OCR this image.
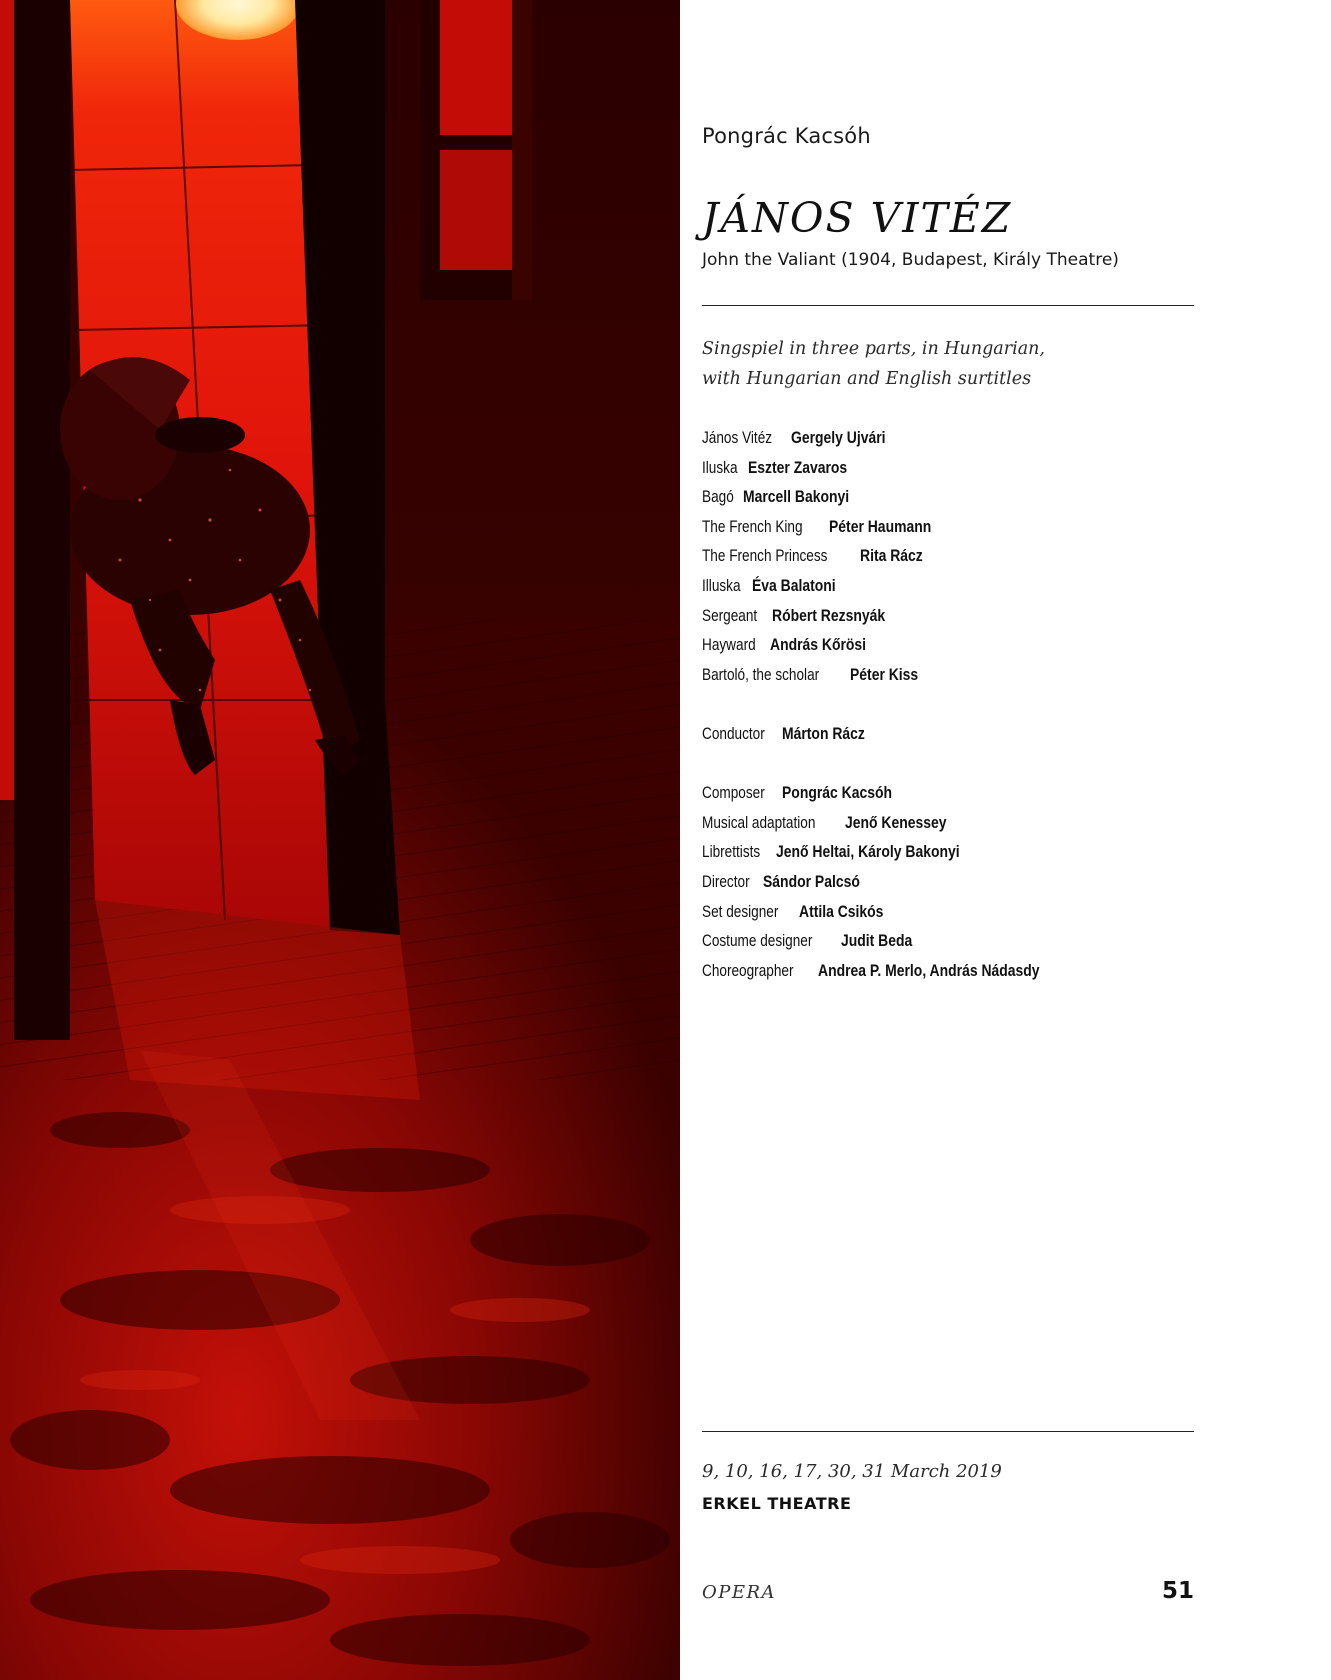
Pongrác Kacsóh
JÁNOS VITÉZ
John the Valiant (1904, Budapest, Király Theatre)
Singspiel in three parts, in Hungarian,
with Hungarian and English surtitles
János Vitéz Gergely Ujvári
Iluska Eszter Zavaros
Bagó Marcell Bakonyi
The French King Péter Haumann
The French Princess Rita Rácz
Illuska Éva Balatoni
Sergeant Róbert Rezsnyák
Hayward András Kőrösi
Bartoló, the scholar Péter Kiss
Conductor Márton Rácz
Composer Pongrác Kacsóh
Musical adaptation Jenő Kenessey
Librettists Jenő Heltai, Károly Bakonyi
Director Sándor Palcsó
Set designer Attila Csikós
Costume designer Judit Beda
Choreographer Andrea P. Merlo, András Nádasdy
9, 10, 16, 17, 30, 31 March 2019
ERKEL THEATRE
OPERA	51
